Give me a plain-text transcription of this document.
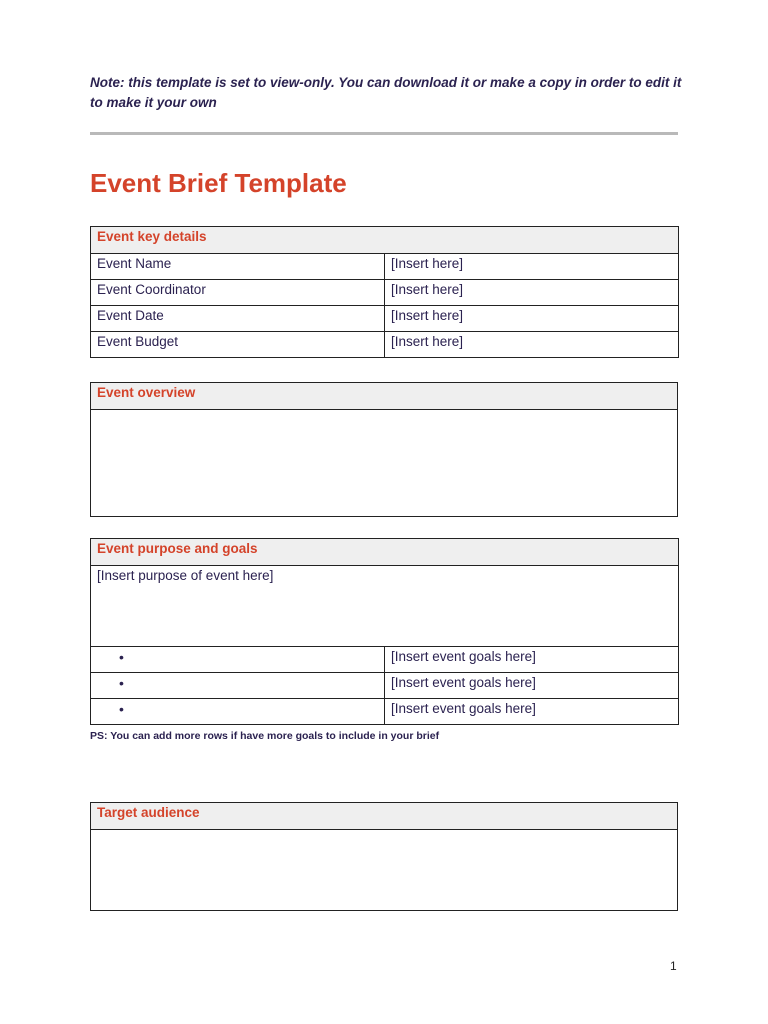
Note: this template is set to view-only. You can download it or make a copy in order to edit it to make it your own
Event Brief Template
Event key details	
Event Name	[Insert here]
Event Coordinator	[Insert here]
Event Date	[Insert here]
Event Budget	[Insert here]
Event overview

Event purpose and goals	
[Insert purpose of event here]	
•	[Insert event goals here]
•	[Insert event goals here]
•	[Insert event goals here]
PS: You can add more rows if have more goals to include in your brief
Target audience

1
